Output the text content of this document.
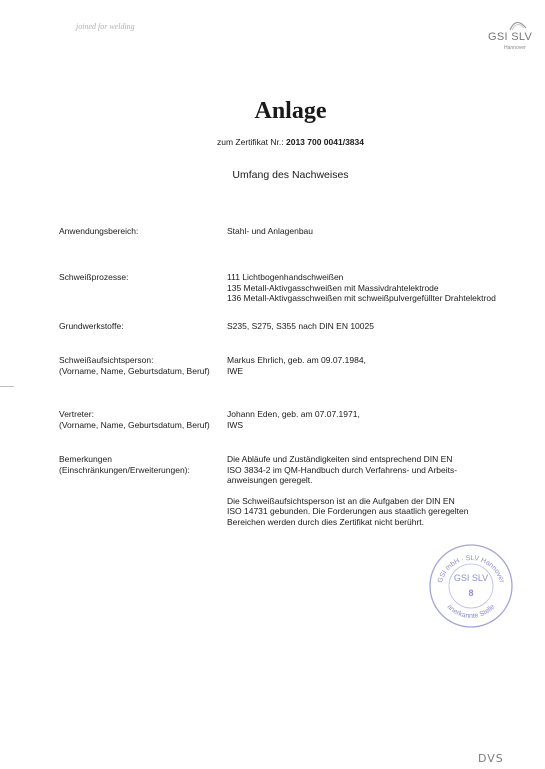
joined for welding
GSI SLV
Hannover
Anlage
zum Zertifikat Nr.: 2013 700 0041/3834
Umfang des Nachweises
Anwendungsbereich:	Stahl- und Anlagenbau
Schweißprozesse:	111 Lichtbogenhandschweißen
135 Metall-Aktivgasschweißen mit Massivdrahtelektrode
136 Metall-Aktivgasschweißen mit schweißpulvergefüllter Drahtelektrod
Grundwerkstoffe:	S235, S275, S355 nach DIN EN 10025
Schweißaufsichtsperson:
(Vorname, Name, Geburtsdatum, Beruf)
Markus Ehrlich, geb. am 09.07.1984,
IWE
Vertreter:
(Vorname, Name, Geburtsdatum, Beruf)
Johann Eden, geb. am 07.07.1971,
IWS
Bemerkungen
(Einschränkungen/Erweiterungen):
Die Abläufe und Zuständigkeiten sind entsprechend DIN EN
ISO 3834-2 im QM-Handbuch durch Verfahrens- und Arbeits-
anweisungen geregelt.
Die Schweißaufsichtsperson ist an die Aufgaben der DIN EN
ISO 14731 gebunden. Die Forderungen aus staatlich geregelten
Bereichen werden durch dies Zertifikat nicht berührt.
GSI mbH · SLV Hannover
anerkannte Stelle
GSI SLV
8
DVS
